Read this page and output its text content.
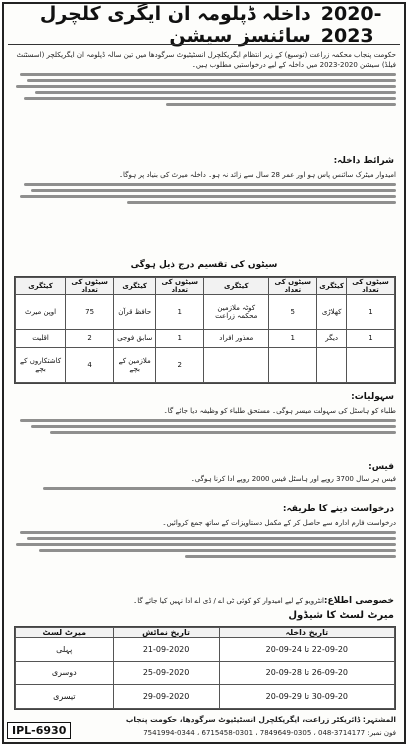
داخلہ ڈپلومہ ان ایگری کلچرل سائنسز سیشن
2020-2023
حکومت پنجاب محکمہ زراعت (توسیع) کے زیر انتظام ایگریکلچرل انسٹیٹیوٹ سرگودھا میں تین سالہ ڈپلومہ ان ایگریکلچر (اسسٹنٹ فیلڈ) سیشن 2020-2023 میں داخلہ کے لیے درخواستیں مطلوب ہیں۔
شرائط داخلہ:
امیدوار میٹرک سائنس پاس ہو اور عمر 28 سال سے زائد نہ ہو۔ داخلہ میرٹ کی بنیاد پر ہوگا۔
سیٹوں کی تقسیم درج ذیل ہوگی
کیٹگری	سیٹوں کی تعداد	کیٹگری	سیٹوں کی تعداد	کیٹگری	سیٹوں کی تعداد	کیٹگری	سیٹوں کی تعداد
اوپن میرٹ	75	حافظ قرآن	1	کوٹہ ملازمین محکمہ زراعت	5	کھلاڑی	1
اقلیت	2	سابق فوجی	1	معذور افراد	1	دیگر	1
کاشتکاروں کے بچے	4	ملازمین کے بچے	2				
سہولیات:
طلباء کو ہاسٹل کی سہولت میسر ہوگی۔ مستحق طلباء کو وظیفہ دیا جائے گا۔
فیس:
فیس ہر سال 3700 روپے اور ہاسٹل فیس 2000 روپے ادا کرنا ہوگی۔
درخواست دینے کا طریقہ:
درخواست فارم ادارہ سے حاصل کر کے مکمل دستاویزات کے ساتھ جمع کروائیں۔
خصوصی اطلاع:
انٹرویو کے لیے امیدوار کو کوئی ٹی اے / ڈی اے ادا نہیں کیا جائے گا۔
میرٹ لسٹ کا شیڈول
میرٹ لسٹ	تاریخ نمائش	تاریخ داخلہ
پہلی	21-09-2020	22-09-20 تا 24-09-20
دوسری	25-09-2020	26-09-20 تا 28-09-20
تیسری	29-09-2020	30-09-20 تا 29-09-20
المشتہر: ڈائریکٹر زراعت، ایگریکلچرل انسٹیٹیوٹ سرگودھا، حکومت پنجاب
فون نمبر: 3714177-048 ، 0305-7849649 ، 0301-6715458 ، 0344-7541994
IPL-6930
